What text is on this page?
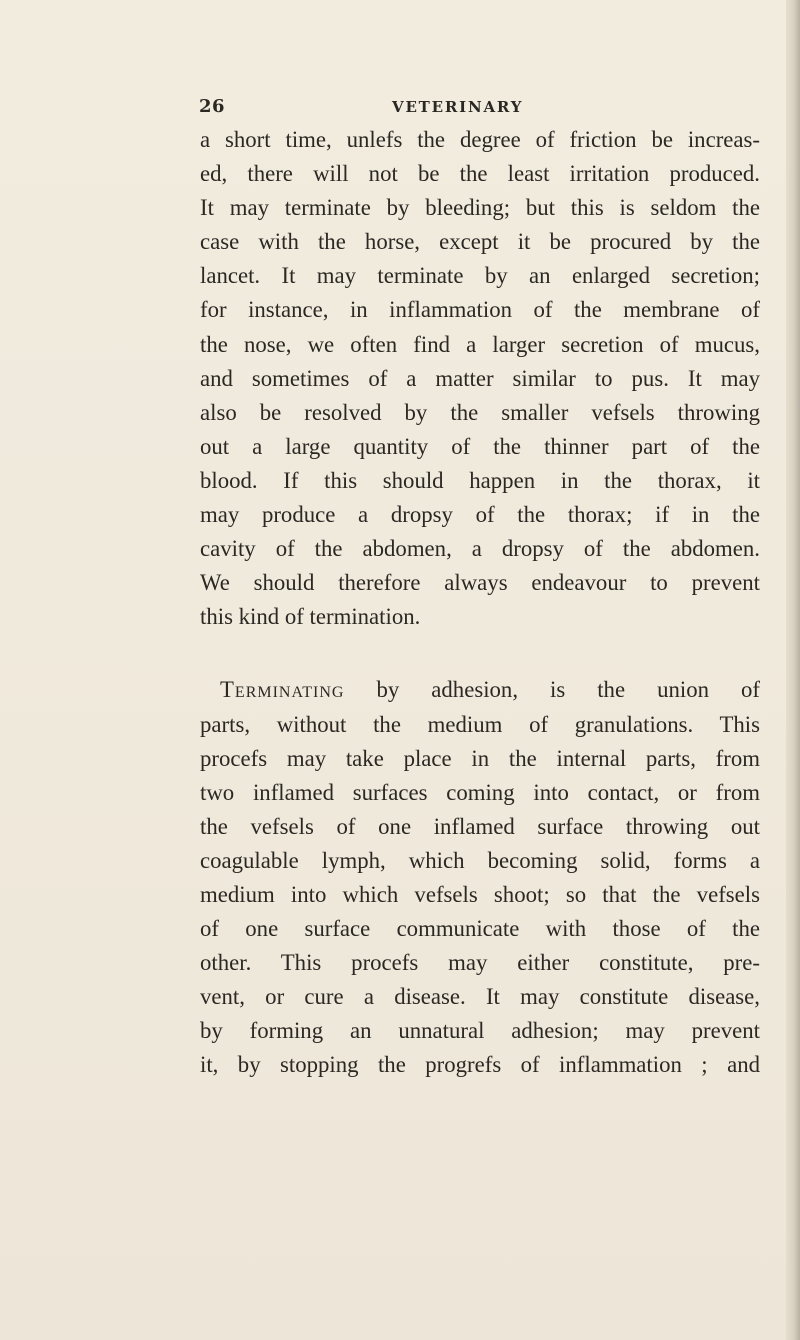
26	VETERINARY
a short time, unlefs the degree of friction be increas-
ed, there will not be the least irritation produced.
It may terminate by bleeding; but this is seldom the
case with the horse, except it be procured by the
lancet. It may terminate by an enlarged secretion;
for instance, in inflammation of the membrane of
the nose, we often find a larger secretion of mucus,
and sometimes of a matter similar to pus. It may
also be resolved by the smaller vefsels throwing
out a large quantity of the thinner part of the
blood. If this should happen in the thorax, it
may produce a dropsy of the thorax; if in the
cavity of the abdomen, a dropsy of the abdomen.
We should therefore always endeavour to prevent
this kind of termination.
Terminating by adhesion, is the union of
parts, without the medium of granulations. This
procefs may take place in the internal parts, from
two inflamed surfaces coming into contact, or from
the vefsels of one inflamed surface throwing out
coagulable lymph, which becoming solid, forms a
medium into which vefsels shoot; so that the vefsels
of one surface communicate with those of the
other. This procefs may either constitute, pre-
vent, or cure a disease. It may constitute disease,
by forming an unnatural adhesion; may prevent
it, by stopping the progrefs of inflammation ; and
